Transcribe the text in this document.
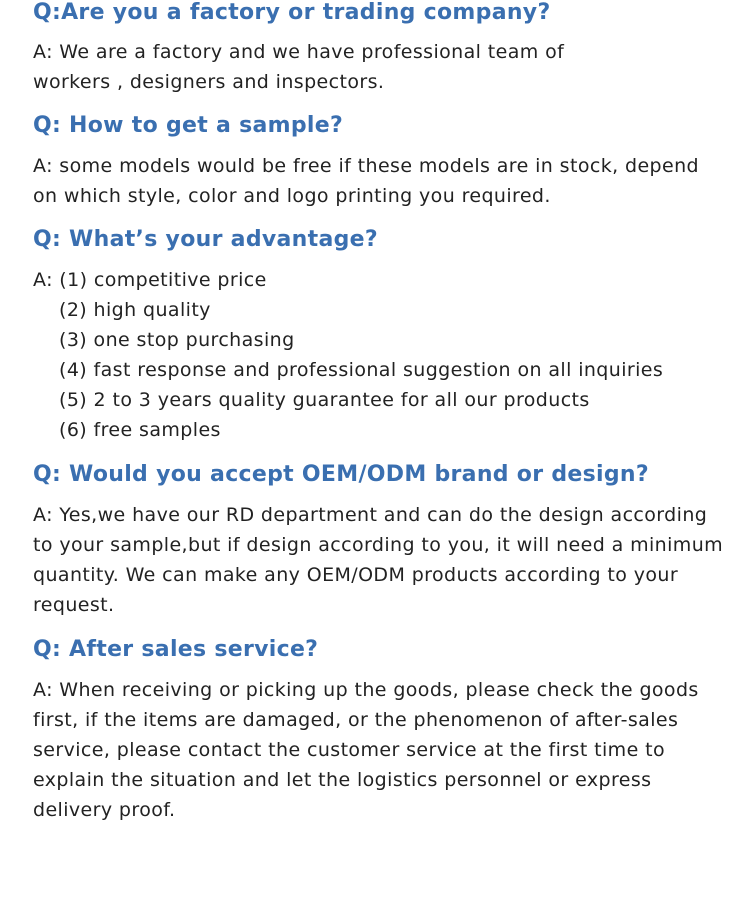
Q:Are you a factory or trading company?

A: We are a factory and we have professional team of
workers , designers and inspectors.

Q: How to get a sample?

A: some models would be free if these models are in stock, depend
on which style, color and logo printing you required.

Q: What’s your advantage?

A: (1) competitive price
(2) high quality
(3) one stop purchasing
(4) fast response and professional suggestion on all inquiries
(5) 2 to 3 years quality guarantee for all our products
(6) free samples

Q: Would you accept OEM/ODM brand or design?

A: Yes,we have our RD department and can do the design according
to your sample,but if design according to you, it will need a minimum
quantity. We can make any OEM/ODM products according to your
request.

Q: After sales service?

A: When receiving or picking up the goods, please check the goods
first, if the items are damaged, or the phenomenon of after-sales
service, please contact the customer service at the first time to
explain the situation and let the logistics personnel or express
delivery proof.
